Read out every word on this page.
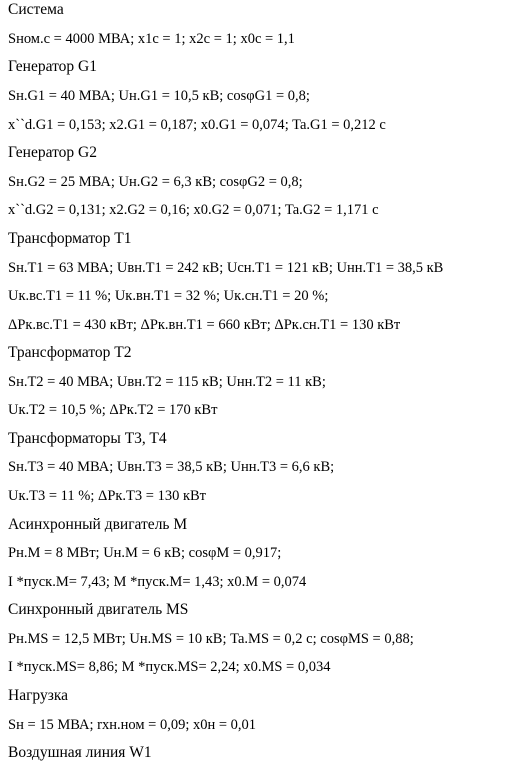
Система
Sном.с = 4000 МВА; x1с = 1; x2с = 1; x0с = 1,1
Генератор G1
Sн.G1 = 40 МВА; Uн.G1 = 10,5 кВ; cosφG1 = 0,8;
x``d.G1 = 0,153; x2.G1 = 0,187; x0.G1 = 0,074; Ta.G1 = 0,212 с
Генератор G2
Sн.G2 = 25 МВА; Uн.G2 = 6,3 кВ; cosφG2 = 0,8;
x``d.G2 = 0,131; x2.G2 = 0,16; x0.G2 = 0,071; Ta.G2 = 1,171 с
Трансформатор T1
Sн.T1 = 63 МВА; Uвн.T1 = 242 кВ; Uсн.T1 = 121 кВ; Uнн.T1 = 38,5 кВ
Uк.вс.T1 = 11 %; Uк.вн.T1 = 32 %; Uк.сн.T1 = 20 %;
ΔPк.вс.T1 = 430 кВт; ΔPк.вн.T1 = 660 кВт; ΔPк.сн.T1 = 130 кВт
Трансформатор T2
Sн.T2 = 40 МВА; Uвн.T2 = 115 кВ; Uнн.T2 = 11 кВ;
Uк.T2 = 10,5 %; ΔPк.T2 = 170 кВт
Трансформаторы T3, T4
Sн.T3 = 40 МВА; Uвн.T3 = 38,5 кВ; Uнн.T3 = 6,6 кВ;
Uк.T3 = 11 %; ΔPк.T3 = 130 кВт
Асинхронный двигатель M
Pн.M = 8 МВт; Uн.M = 6 кВ; cosφM = 0,917;
I *пуск.M= 7,43; M *пуск.M= 1,43; x0.M = 0,074
Синхронный двигатель MS
Pн.MS = 12,5 МВт; Uн.MS = 10 кВ; Ta.MS = 0,2 с; cosφMS = 0,88;
I *пуск.MS= 8,86; M *пуск.MS= 2,24; x0.MS = 0,034
Нагрузка
Sн = 15 МВА; rхн.ном = 0,09; x0н = 0,01
Воздушная линия W1
